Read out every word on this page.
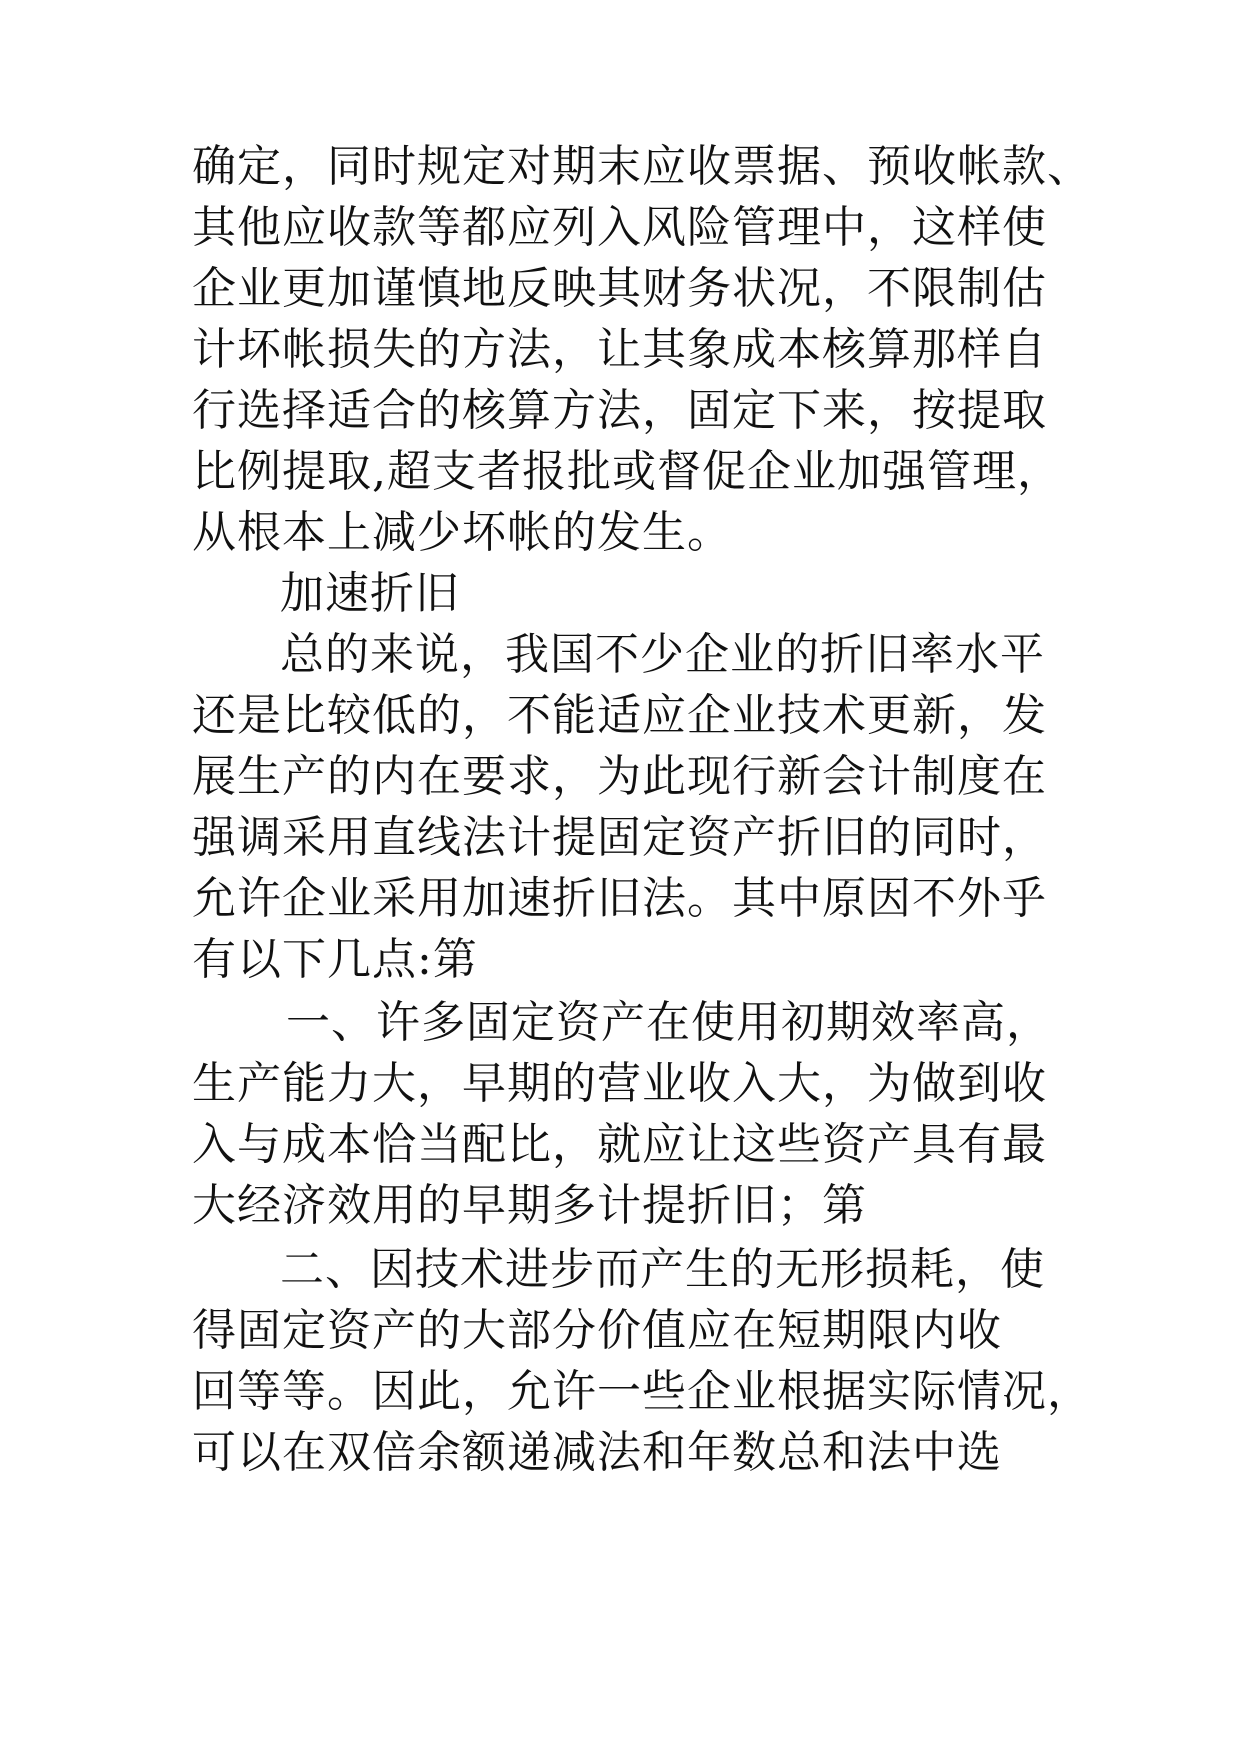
确定，同时规定对期末应收票据、预收帐款、
其他应收款等都应列入风险管理中，这样使
企业更加谨慎地反映其财务状况，不限制估
计坏帐损失的方法，让其象成本核算那样自
行选择适合的核算方法，固定下来，按提取
比例提取,超支者报批或督促企业加强管理，
从根本上减少坏帐的发生。
加速折旧
总的来说，我国不少企业的折旧率水平
还是比较低的，不能适应企业技术更新，发
展生产的内在要求，为此现行新会计制度在
强调采用直线法计提固定资产折旧的同时，
允许企业采用加速折旧法。其中原因不外乎
有以下几点:第
一、许多固定资产在使用初期效率高，
生产能力大，早期的营业收入大，为做到收
入与成本恰当配比，就应让这些资产具有最
大经济效用的早期多计提折旧；第
二、因技术进步而产生的无形损耗，使
得固定资产的大部分价值应在短期限内收
回等等。因此，允许一些企业根据实际情况，
可以在双倍余额递减法和年数总和法中选
